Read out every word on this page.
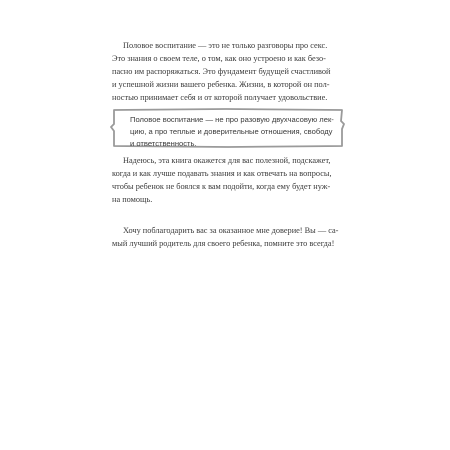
Половое воспитание — это не только разговоры про секс.
Это знания о своем теле, о том, как оно устроено и как безо-
пасно им распоряжаться. Это фундамент будущей счастливой
и успешной жизни вашего ребенка. Жизни, в которой он пол-
ностью принимает себя и от которой получает удовольствие.

Половое воспитание — не про разовую двухчасовую лек-
цию, а про теплые и доверительные отношения, свободу
и ответственность.

Надеюсь, эта книга окажется для вас полезной, подскажет,
когда и как лучше подавать знания и как отвечать на вопросы,
чтобы ребенок не боялся к вам подойти, когда ему будет нуж-
на помощь.

Хочу поблагодарить вас за оказанное мне доверие! Вы — са-
мый лучший родитель для своего ребенка, помните это всегда!
